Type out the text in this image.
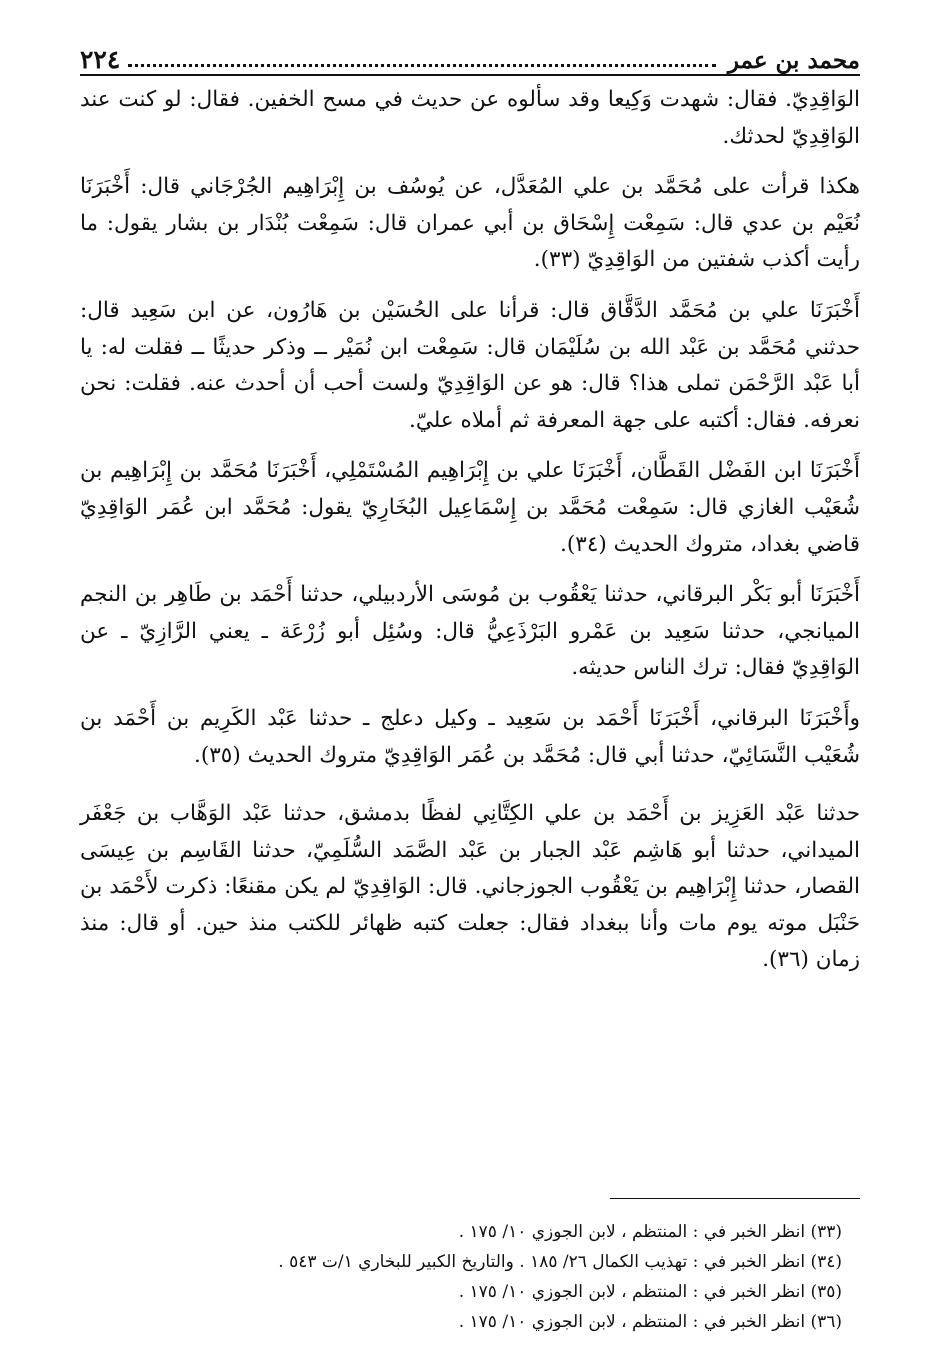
محمد بن عمر
٢٢٤

الوَاقِدِيّ. فقال: شهدت وَكِيعا وقد سألوه عن حديث في مسح الخفين. فقال: لو كنت عند الوَاقِدِيّ لحدثك.

هكذا قرأت على مُحَمَّد بن علي المُعَدَّل، عن يُوسُف بن إِبْرَاهِيم الجُرْجَاني قال: أَخْبَرَنَا نُعَيْم بن عدي قال: سَمِعْت إِسْحَاق بن أبي عمران قال: سَمِعْت بُنْدَار بن بشار يقول: ما رأيت أكذب شفتين من الوَاقِدِيّ (٣٣).

أَخْبَرَنَا علي بن مُحَمَّد الدَّقَّاق قال: قرأنا على الحُسَيْن بن هَارُون، عن ابن سَعِيد قال: حدثني مُحَمَّد بن عَبْد الله بن سُلَيْمَان قال: سَمِعْت ابن نُمَيْر ــ وذكر حديثًا ــ فقلت له: يا أبا عَبْد الرَّحْمَن تملى هذا؟ قال: هو عن الوَاقِدِيّ ولست أحب أن أحدث عنه. فقلت: نحن نعرفه. فقال: أكتبه على جهة المعرفة ثم أملاه عليّ.

أَخْبَرَنَا ابن الفَضْل القَطَّان، أَخْبَرَنَا علي بن إِبْرَاهِيم المُسْتَمْلِي، أَخْبَرَنَا مُحَمَّد بن إِبْرَاهِيم بن شُعَيْب الغازي قال: سَمِعْت مُحَمَّد بن إِسْمَاعِيل البُخَارِيّ يقول: مُحَمَّد ابن عُمَر الوَاقِدِيّ قاضي بغداد، متروك الحديث (٣٤).

أَخْبَرَنَا أبو بَكْر البرقاني، حدثنا يَعْقُوب بن مُوسَى الأردبيلي، حدثنا أَحْمَد بن طَاهِر بن النجم الميانجي، حدثنا سَعِيد بن عَمْرو البَرْذَعِيُّ قال: وسُئِل أبو زُرْعَة ـ يعني الرَّازِيّ ـ عن الوَاقِدِيّ فقال: ترك الناس حديثه.

وأَخْبَرَنَا البرقاني، أَخْبَرَنَا أَحْمَد بن سَعِيد ـ وكيل دعلج ـ حدثنا عَبْد الكَرِيم بن أَحْمَد بن شُعَيْب النَّسَائِيّ، حدثنا أبي قال: مُحَمَّد بن عُمَر الوَاقِدِيّ متروك الحديث (٣٥).

حدثنا عَبْد العَزِيز بن أَحْمَد بن علي الكِتَّانِي لفظًا بدمشق، حدثنا عَبْد الوَهَّاب بن جَعْفَر الميداني، حدثنا أبو هَاشِم عَبْد الجبار بن عَبْد الصَّمَد السُّلَمِيّ، حدثنا القَاسِم بن عِيسَى القصار، حدثنا إِبْرَاهِيم بن يَعْقُوب الجوزجاني. قال: الوَاقِدِيّ لم يكن مقنعًا: ذكرت لأَحْمَد بن حَنْبَل موته يوم مات وأنا ببغداد فقال: جعلت كتبه ظهائر للكتب منذ حين. أو قال: منذ زمان (٣٦).

(٣٣) انظر الخبر في : المنتظم ، لابن الجوزي ١٠/ ١٧٥ .

(٣٤) انظر الخبر في : تهذيب الكمال ٢٦/ ١٨٥ . والتاريخ الكبير للبخاري ١/ت ٥٤٣ .

(٣٥) انظر الخبر في : المنتظم ، لابن الجوزي ١٠/ ١٧٥ .

(٣٦) انظر الخبر في : المنتظم ، لابن الجوزي ١٠/ ١٧٥ .
